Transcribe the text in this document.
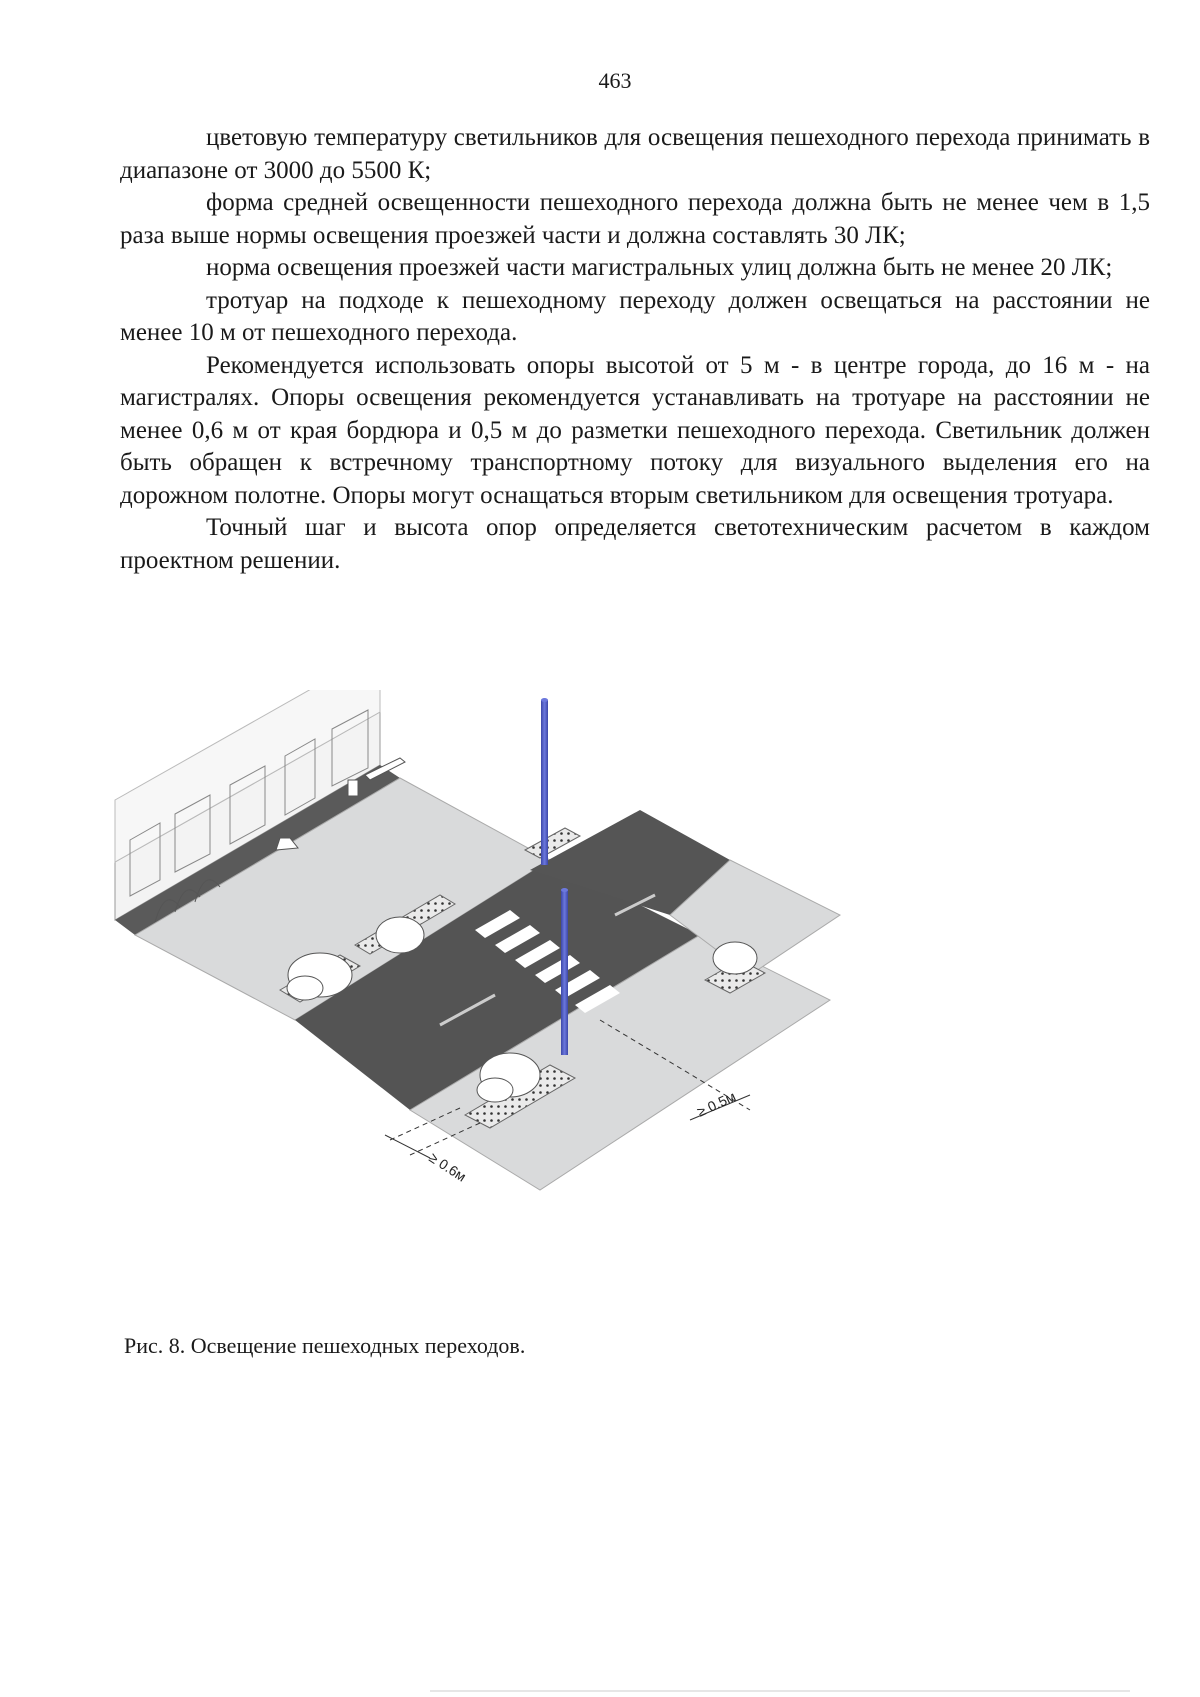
463

цветовую температуру светильников для освещения пешеходного перехода принимать в диапазоне от 3000 до 5500 К;

форма средней освещенности пешеходного перехода должна быть не менее чем в 1,5 раза выше нормы освещения проезжей части и должна составлять 30 ЛК;

норма освещения проезжей части магистральных улиц должна быть не менее 20 ЛК;

тротуар на подходе к пешеходному переходу должен освещаться на расстоянии не менее 10 м от пешеходного перехода.

Рекомендуется использовать опоры высотой от 5 м - в центре города, до 16 м - на магистралях. Опоры освещения рекомендуется устанавливать на тротуаре на расстоянии не менее 0,6 м от края бордюра и 0,5 м до разметки пешеходного перехода. Светильник должен быть обращен к встречному транспортному потоку для визуального выделения его на дорожном полотне. Опоры могут оснащаться вторым светильником для освещения тротуара.

Точный шаг и высота опор определяется светотехническим расчетом в каждом проектном решении.

≥ 0.6м
≥ 0.5м
Рис. 8. Освещение пешеходных переходов.
